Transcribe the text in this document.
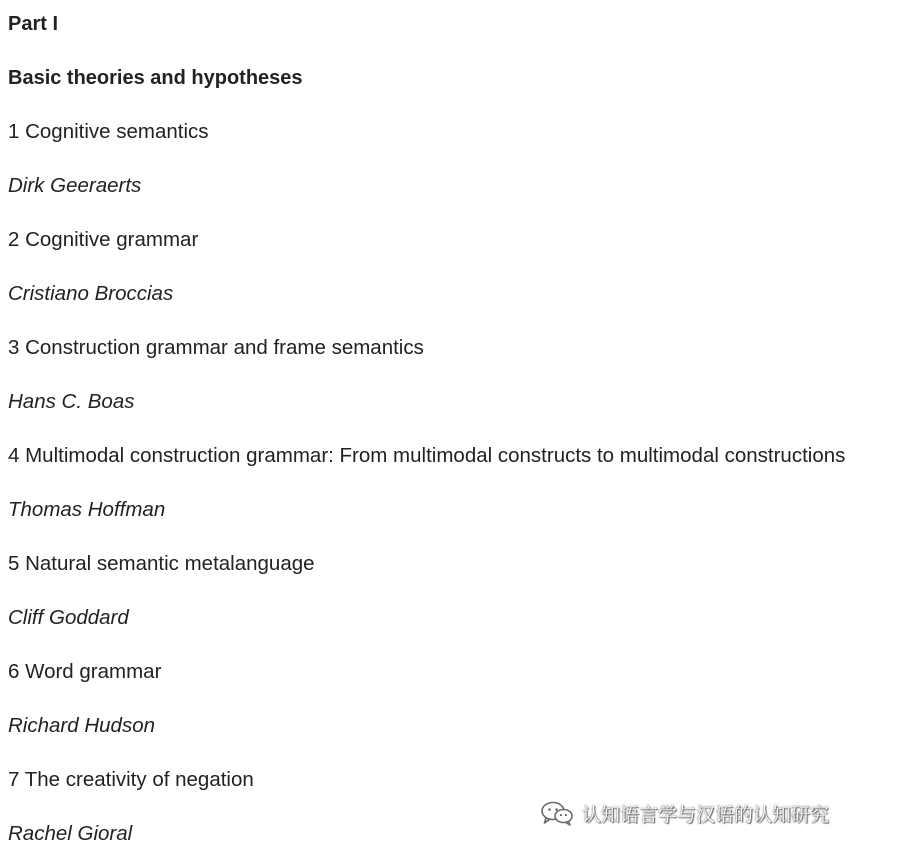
Part I
Basic theories and hypotheses
1 Cognitive semantics
Dirk Geeraerts
2 Cognitive grammar
Cristiano Broccias
3 Construction grammar and frame semantics
Hans C. Boas
4 Multimodal construction grammar: From multimodal constructs to multimodal constructions
Thomas Hoffman
5 Natural semantic metalanguage
Cliff Goddard
6 Word grammar
Richard Hudson
7 The creativity of negation
Rachel Gioral
认知语言学与汉语的认知研究
